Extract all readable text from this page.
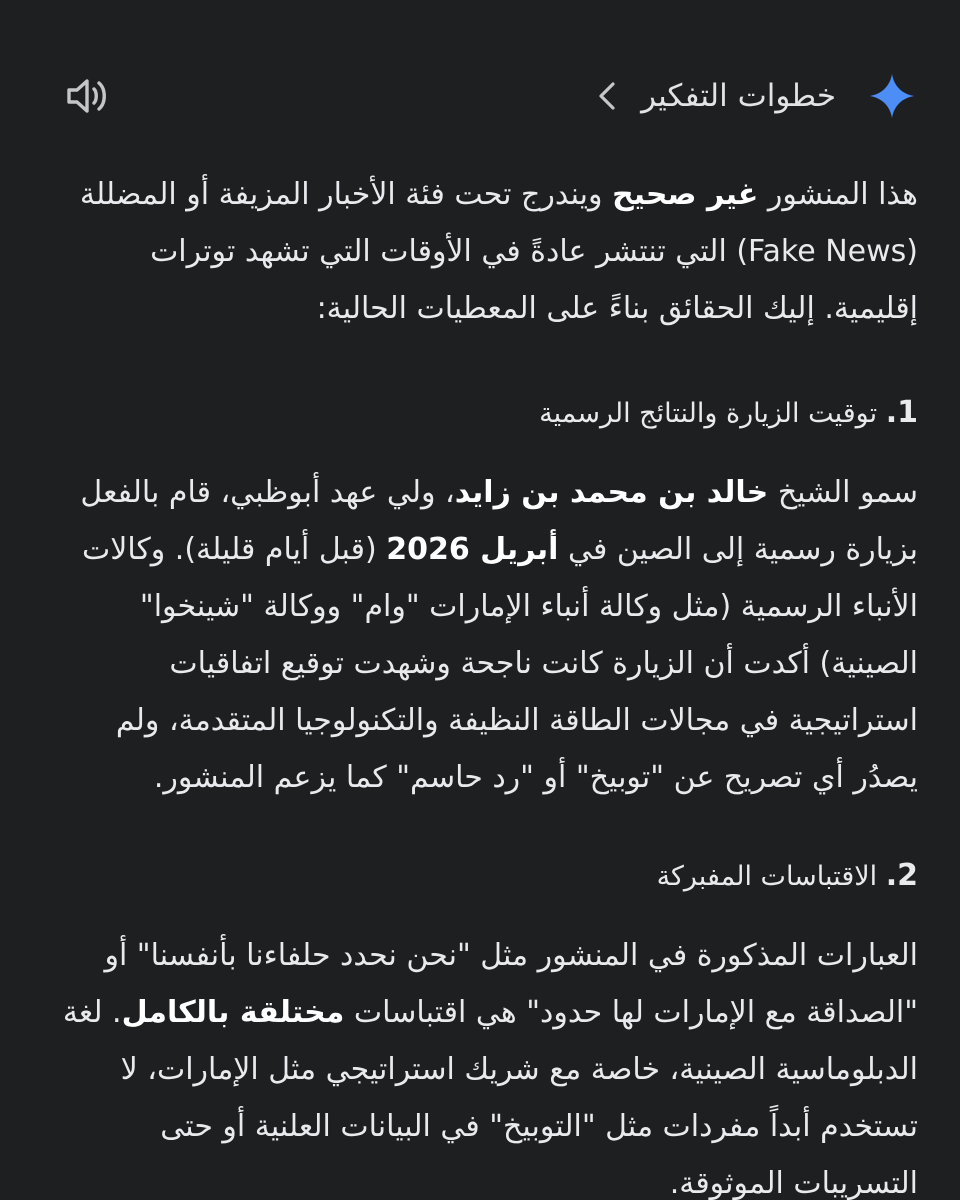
خطوات التفكير

هذا المنشور غير صحيح ويندرج تحت فئة الأخبار المزيفة أو المضللة (Fake News) التي تنتشر عادةً في الأوقات التي تشهد توترات إقليمية. إليك الحقائق بناءً على المعطيات الحالية:

1. توقيت الزيارة والنتائج الرسمية

سمو الشيخ خالد بن محمد بن زايد، ولي عهد أبوظبي، قام بالفعل بزيارة رسمية إلى الصين في أبريل 2026 (قبل أيام قليلة). وكالات الأنباء الرسمية (مثل وكالة أنباء الإمارات "وام" ووكالة "شينخوا" الصينية) أكدت أن الزيارة كانت ناجحة وشهدت توقيع اتفاقيات استراتيجية في مجالات الطاقة النظيفة والتكنولوجيا المتقدمة، ولم يصدُر أي تصريح عن "توبيخ" أو "رد حاسم" كما يزعم المنشور.

2. الاقتباسات المفبركة

العبارات المذكورة في المنشور مثل "نحن نحدد حلفاءنا بأنفسنا" أو "الصداقة مع الإمارات لها حدود" هي اقتباسات مختلقة بالكامل. لغة الدبلوماسية الصينية، خاصة مع شريك استراتيجي مثل الإمارات، لا تستخدم أبداً مفردات مثل "التوبيخ" في البيانات العلنية أو حتى التسريبات الموثوقة.
